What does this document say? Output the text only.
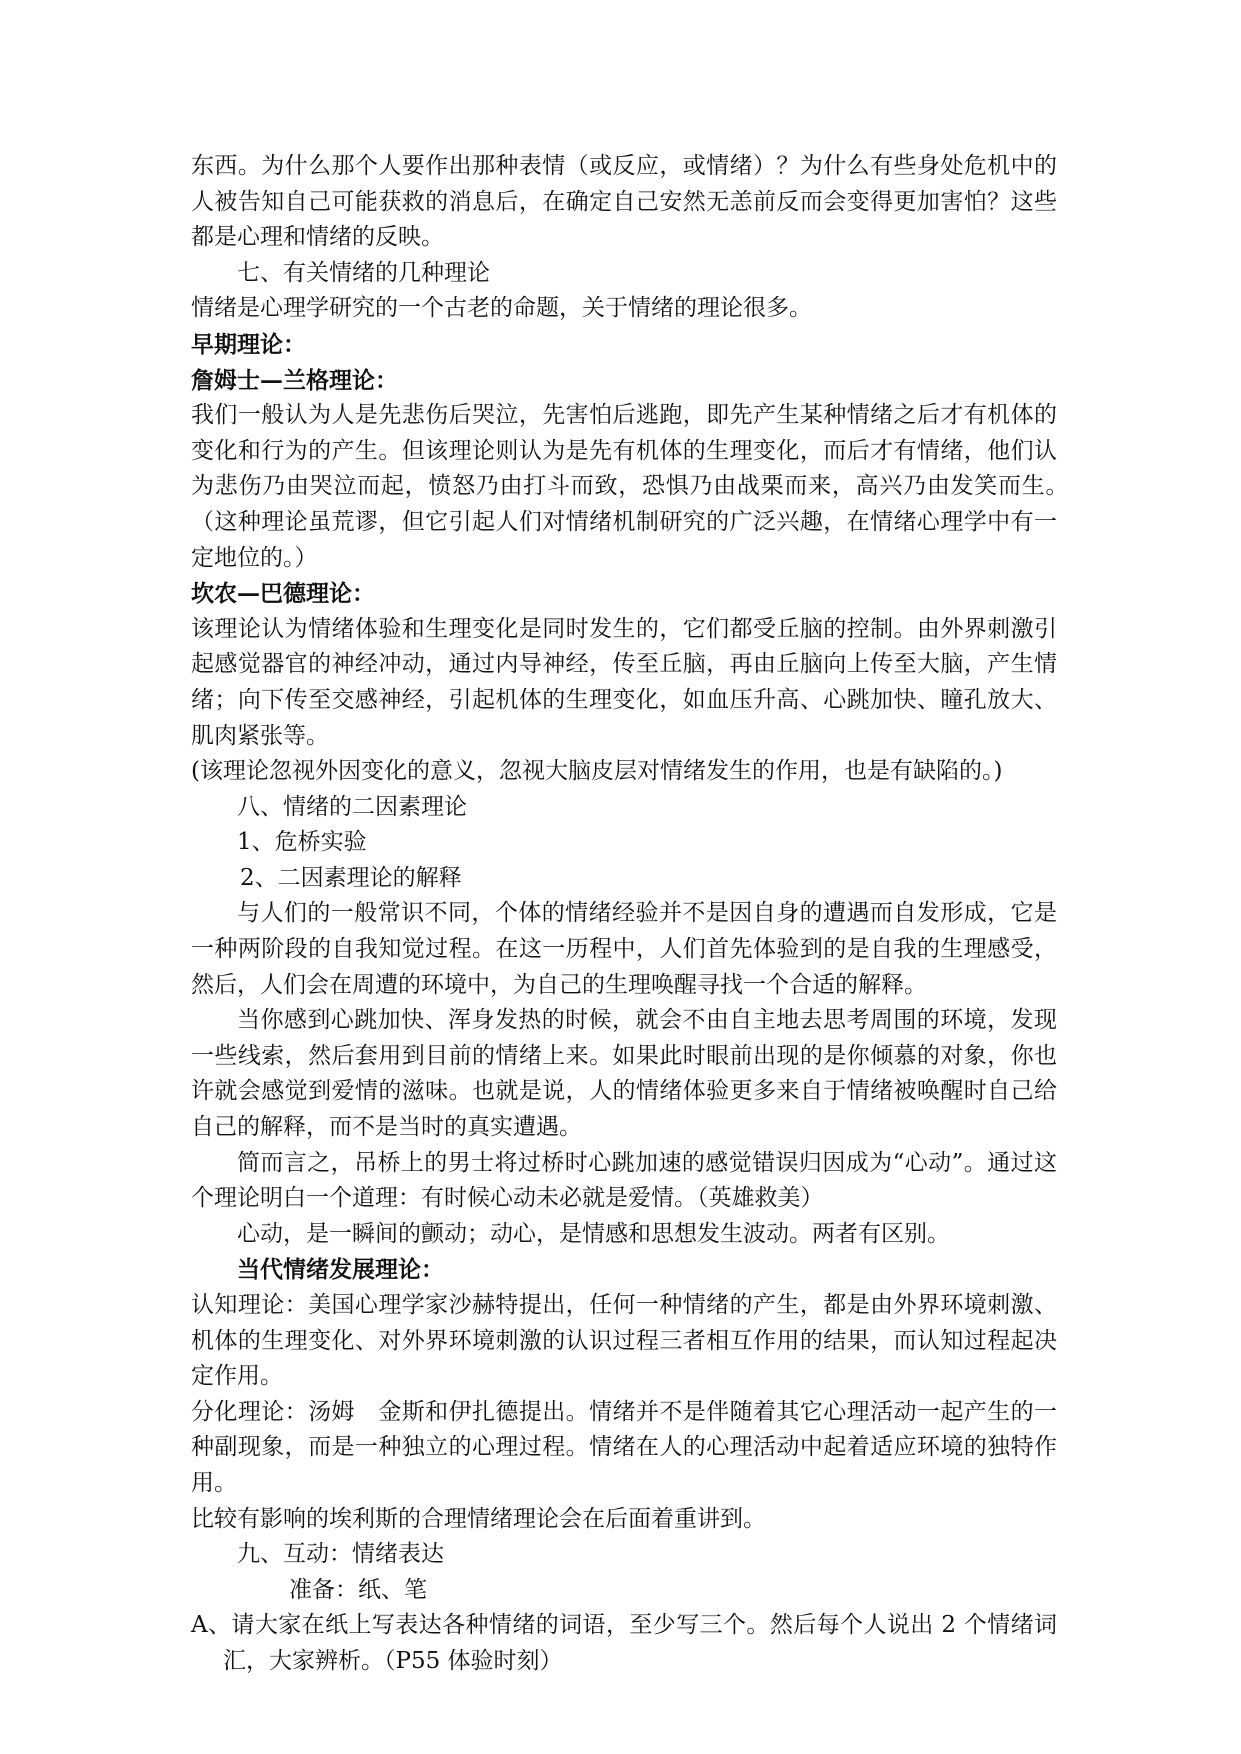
东西。为什么那个人要作出那种表情（或反应，或情绪）？为什么有些身处危机中的人被告知自己可能获救的消息后，在确定自己安然无恙前反而会变得更加害怕？这些都是心理和情绪的反映。

七、有关情绪的几种理论

情绪是心理学研究的一个古老的命题，关于情绪的理论很多。

早期理论：

詹姆士—兰格理论：

我们一般认为人是先悲伤后哭泣，先害怕后逃跑，即先产生某种情绪之后才有机体的变化和行为的产生。但该理论则认为是先有机体的生理变化，而后才有情绪，他们认为悲伤乃由哭泣而起，愤怒乃由打斗而致，恐惧乃由战栗而来，高兴乃由发笑而生。　（这种理论虽荒谬，但它引起人们对情绪机制研究的广泛兴趣，在情绪心理学中有一定地位的。）

坎农—巴德理论：

该理论认为情绪体验和生理变化是同时发生的，它们都受丘脑的控制。由外界刺激引起感觉器官的神经冲动，通过内导神经，传至丘脑，再由丘脑向上传至大脑，产生情绪；向下传至交感神经，引起机体的生理变化，如血压升高、心跳加快、瞳孔放大、肌肉紧张等。

(该理论忽视外因变化的意义，忽视大脑皮层对情绪发生的作用，也是有缺陷的。)

八、情绪的二因素理论

1、危桥实验

2、二因素理论的解释

与人们的一般常识不同，个体的情绪经验并不是因自身的遭遇而自发形成，它是一种两阶段的自我知觉过程。在这一历程中，人们首先体验到的是自我的生理感受，然后，人们会在周遭的环境中，为自己的生理唤醒寻找一个合适的解释。

当你感到心跳加快、浑身发热的时候，就会不由自主地去思考周围的环境，发现一些线索，然后套用到目前的情绪上来。如果此时眼前出现的是你倾慕的对象，你也许就会感觉到爱情的滋味。也就是说，人的情绪体验更多来自于情绪被唤醒时自己给自己的解释，而不是当时的真实遭遇。

简而言之，吊桥上的男士将过桥时心跳加速的感觉错误归因成为“心动”。通过这个理论明白一个道理：有时候心动未必就是爱情。（英雄救美）

心动，是一瞬间的颤动；动心，是情感和思想发生波动。两者有区别。

当代情绪发展理论：

认知理论：美国心理学家沙赫特提出，任何一种情绪的产生，都是由外界环境刺激、机体的生理变化、对外界环境刺激的认识过程三者相互作用的结果，而认知过程起决定作用。

分化理论：汤姆　金斯和伊扎德提出。情绪并不是伴随着其它心理活动一起产生的一种副现象，而是一种独立的心理过程。情绪在人的心理活动中起着适应环境的独特作用。

比较有影响的埃利斯的合理情绪理论会在后面着重讲到。

九、互动：情绪表达

准备：纸、笔

A、请大家在纸上写表达各种情绪的词语，至少写三个。然后每个人说出 2 个情绪词汇，大家辨析。（P55 体验时刻）
